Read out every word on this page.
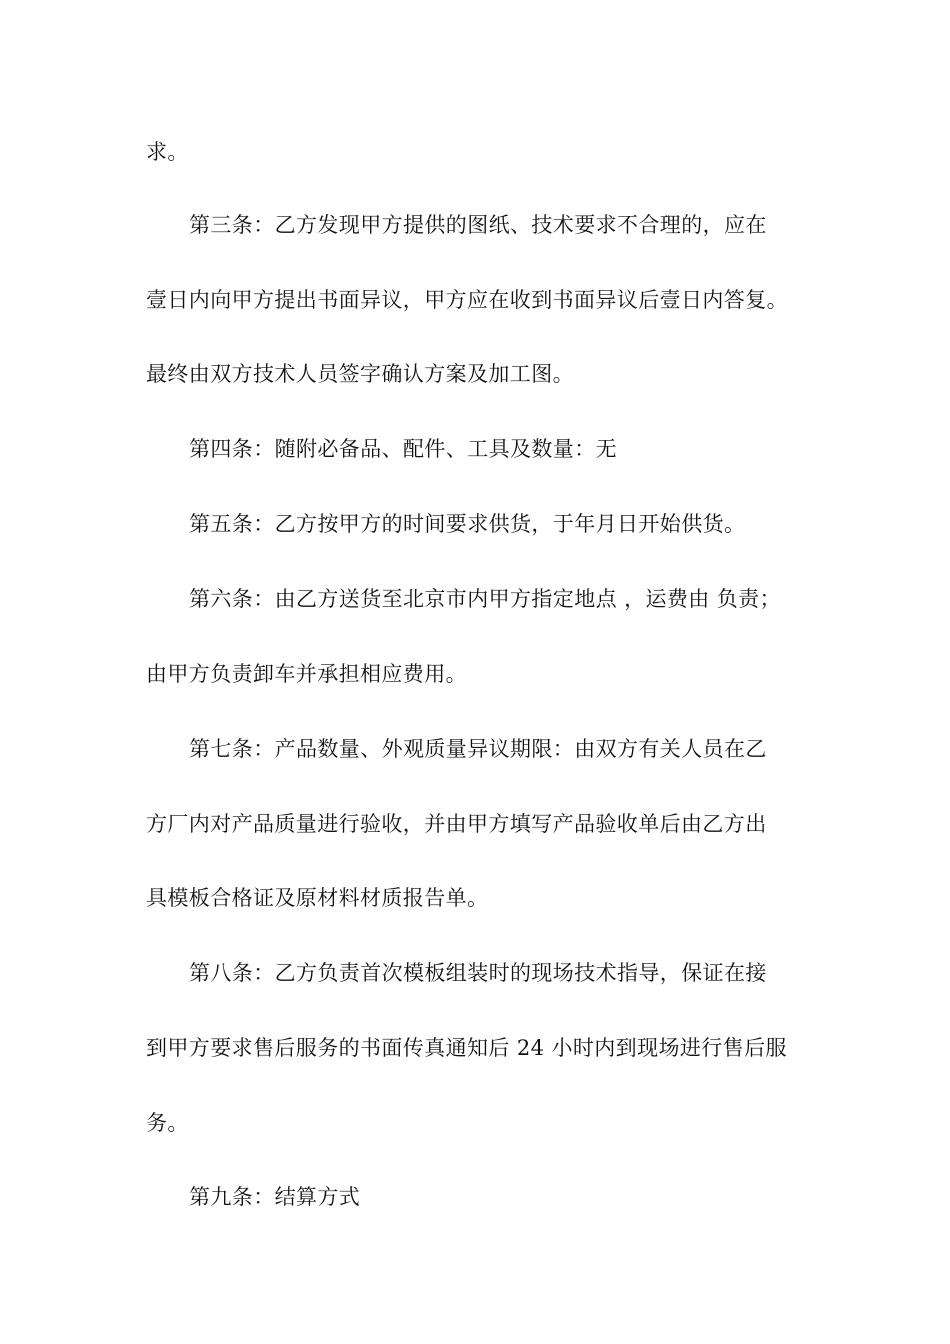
求。
第三条：乙方发现甲方提供的图纸、技术要求不合理的，应在
壹日内向甲方提出书面异议，甲方应在收到书面异议后壹日内答复。
最终由双方技术人员签字确认方案及加工图。
第四条：随附必备品、配件、工具及数量：无
第五条：乙方按甲方的时间要求供货，于年月日开始供货。
第六条：由乙方送货至北京市内甲方指定地点 ，运费由 负责；
由甲方负责卸车并承担相应费用。
第七条：产品数量、外观质量异议期限：由双方有关人员在乙
方厂内对产品质量进行验收，并由甲方填写产品验收单后由乙方出
具模板合格证及原材料材质报告单。
第八条：乙方负责首次模板组装时的现场技术指导，保证在接
到甲方要求售后服务的书面传真通知后 24 小时内到现场进行售后服
务。
第九条：结算方式
